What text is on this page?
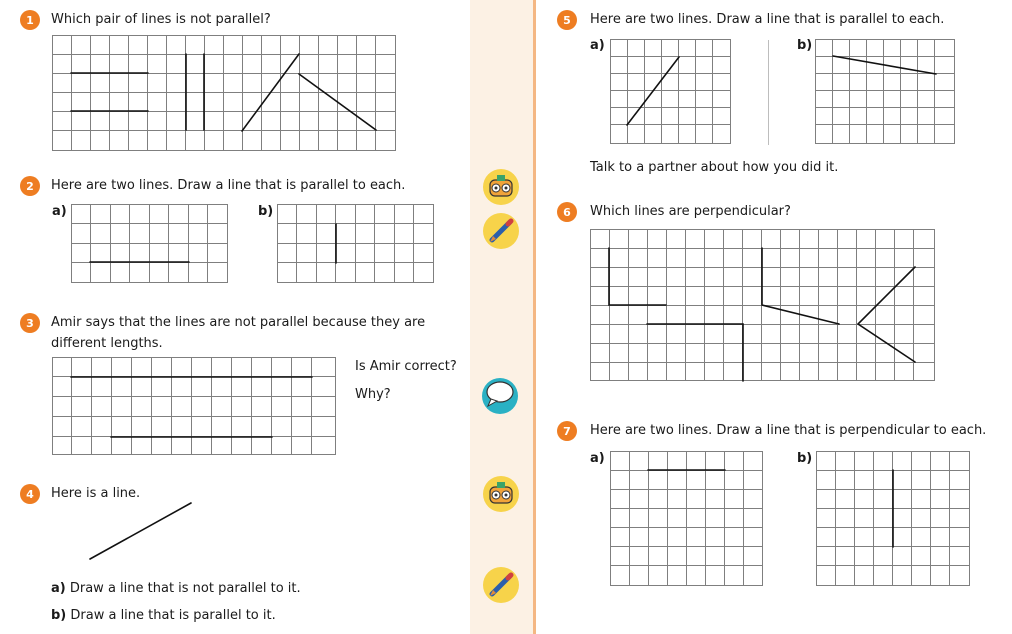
1	Which pair of lines is not parallel?
2	Here are two lines. Draw a line that is parallel to each.
a)	b)
3	Amir says that the lines are not parallel because they are
different lengths.
Is Amir correct?
Why?
4	Here is a line.
a) Draw a line that is not parallel to it.
b) Draw a line that is parallel to it.
5	Here are two lines. Draw a line that is parallel to each.
a)	b)
Talk to a partner about how you did it.
6	Which lines are perpendicular?
7	Here are two lines. Draw a line that is perpendicular to each.
a)	b)
